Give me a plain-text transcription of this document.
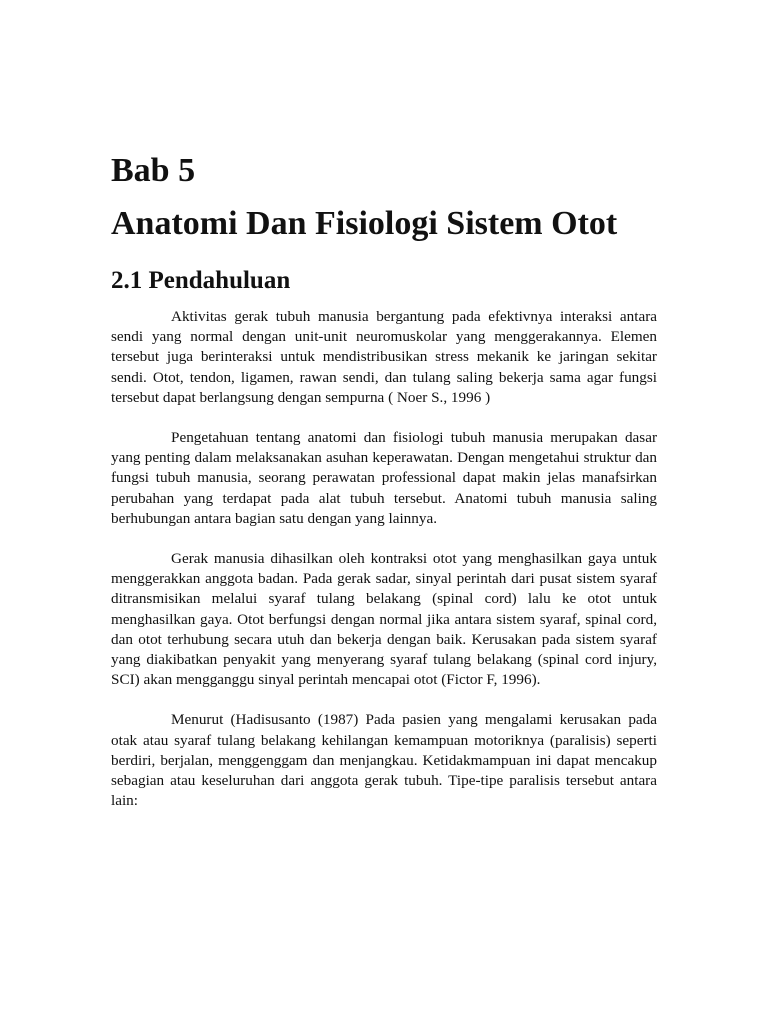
Bab 5
Anatomi Dan Fisiologi Sistem Otot
2.1 Pendahuluan

Aktivitas gerak tubuh manusia bergantung pada efektivnya interaksi antara sendi yang normal dengan unit-unit neuromuskolar yang menggerakannya. Elemen tersebut juga berinteraksi untuk mendistribusikan stress mekanik ke jaringan sekitar sendi. Otot, tendon, ligamen, rawan sendi, dan tulang saling bekerja sama agar fungsi tersebut dapat berlangsung dengan sempurna ( Noer S., 1996 )

Pengetahuan tentang anatomi dan fisiologi tubuh manusia merupakan dasar yang penting dalam melaksanakan asuhan keperawatan. Dengan mengetahui struktur dan fungsi tubuh manusia, seorang perawatan professional dapat makin jelas manafsirkan perubahan yang terdapat pada alat tubuh tersebut. Anatomi tubuh manusia saling berhubungan antara bagian satu dengan yang lainnya.

Gerak manusia dihasilkan oleh kontraksi otot yang menghasilkan gaya untuk menggerakkan anggota badan. Pada gerak sadar, sinyal perintah dari pusat sistem syaraf ditransmisikan melalui syaraf tulang belakang (spinal cord) lalu ke otot untuk menghasilkan gaya. Otot berfungsi dengan normal jika antara sistem syaraf, spinal cord, dan otot terhubung secara utuh dan bekerja dengan baik. Kerusakan pada sistem syaraf yang diakibatkan penyakit yang menyerang syaraf tulang belakang (spinal cord injury, SCI) akan mengganggu sinyal perintah mencapai otot (Fictor F, 1996).

Menurut (Hadisusanto (1987) Pada pasien yang mengalami kerusakan pada otak atau syaraf tulang belakang kehilangan kemampuan motoriknya (paralisis) seperti berdiri, berjalan, menggenggam dan menjangkau. Ketidakmampuan ini dapat mencakup sebagian atau keseluruhan dari anggota gerak tubuh. Tipe-tipe paralisis tersebut antara lain:
